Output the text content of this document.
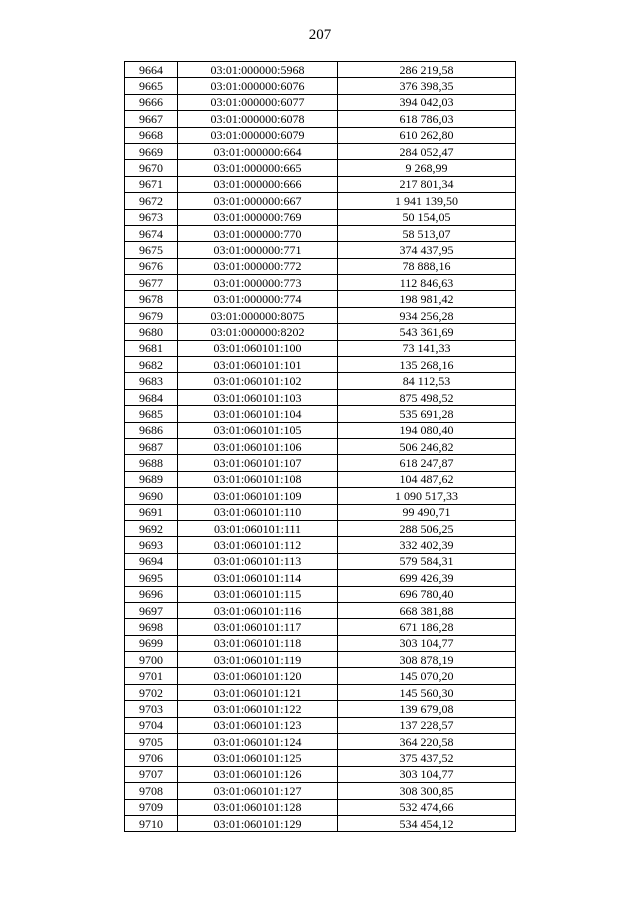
207
9664	03:01:000000:5968	286 219,58
9665	03:01:000000:6076	376 398,35
9666	03:01:000000:6077	394 042,03
9667	03:01:000000:6078	618 786,03
9668	03:01:000000:6079	610 262,80
9669	03:01:000000:664	284 052,47
9670	03:01:000000:665	9 268,99
9671	03:01:000000:666	217 801,34
9672	03:01:000000:667	1 941 139,50
9673	03:01:000000:769	50 154,05
9674	03:01:000000:770	58 513,07
9675	03:01:000000:771	374 437,95
9676	03:01:000000:772	78 888,16
9677	03:01:000000:773	112 846,63
9678	03:01:000000:774	198 981,42
9679	03:01:000000:8075	934 256,28
9680	03:01:000000:8202	543 361,69
9681	03:01:060101:100	73 141,33
9682	03:01:060101:101	135 268,16
9683	03:01:060101:102	84 112,53
9684	03:01:060101:103	875 498,52
9685	03:01:060101:104	535 691,28
9686	03:01:060101:105	194 080,40
9687	03:01:060101:106	506 246,82
9688	03:01:060101:107	618 247,87
9689	03:01:060101:108	104 487,62
9690	03:01:060101:109	1 090 517,33
9691	03:01:060101:110	99 490,71
9692	03:01:060101:111	288 506,25
9693	03:01:060101:112	332 402,39
9694	03:01:060101:113	579 584,31
9695	03:01:060101:114	699 426,39
9696	03:01:060101:115	696 780,40
9697	03:01:060101:116	668 381,88
9698	03:01:060101:117	671 186,28
9699	03:01:060101:118	303 104,77
9700	03:01:060101:119	308 878,19
9701	03:01:060101:120	145 070,20
9702	03:01:060101:121	145 560,30
9703	03:01:060101:122	139 679,08
9704	03:01:060101:123	137 228,57
9705	03:01:060101:124	364 220,58
9706	03:01:060101:125	375 437,52
9707	03:01:060101:126	303 104,77
9708	03:01:060101:127	308 300,85
9709	03:01:060101:128	532 474,66
9710	03:01:060101:129	534 454,12
